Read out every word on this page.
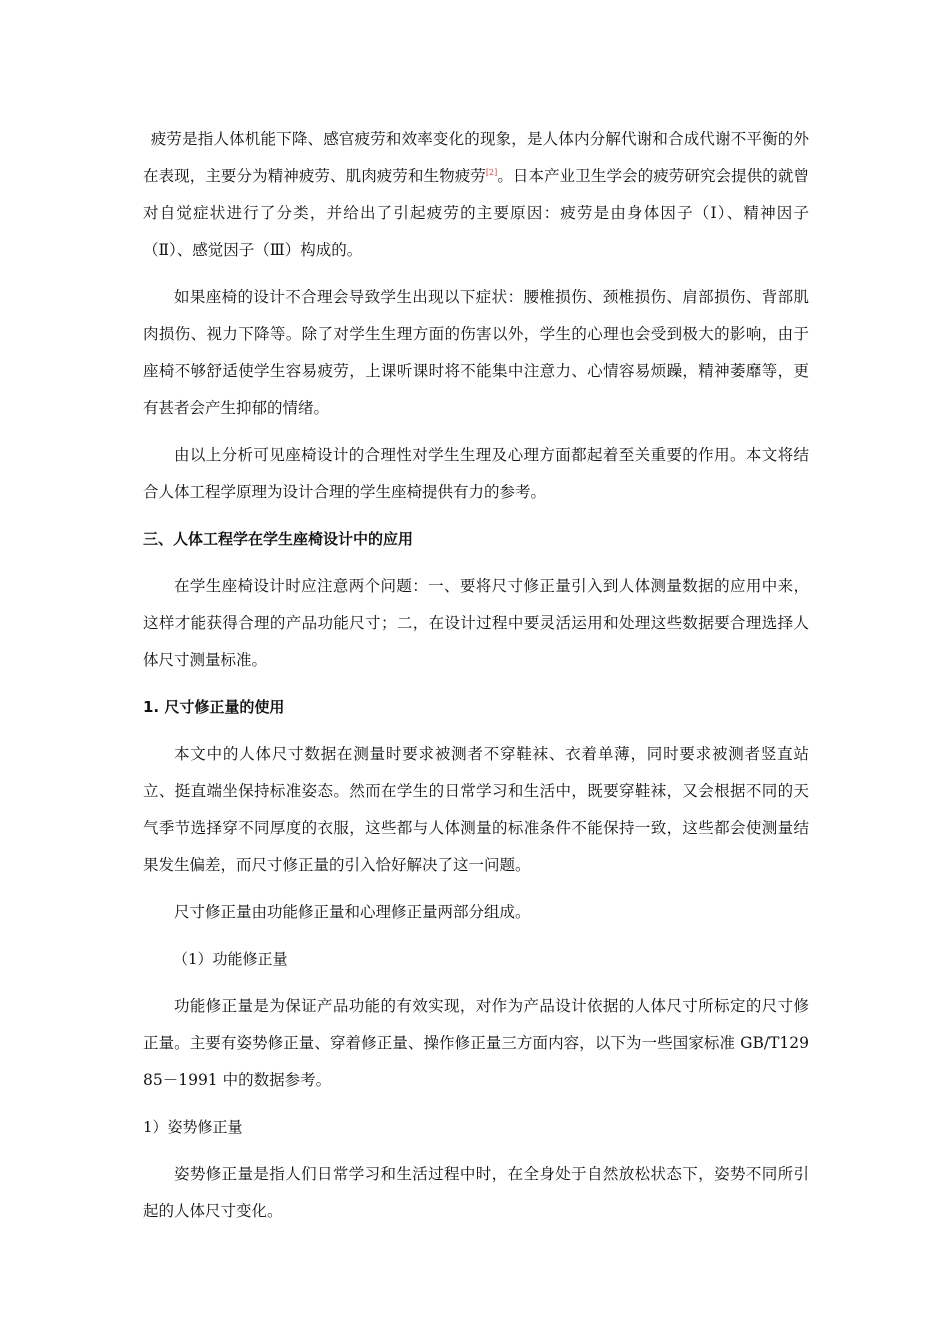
疲劳是指人体机能下降、感官疲劳和效率变化的现象，是人体内分解代谢和合成代谢不平衡的外在表现，主要分为精神疲劳、肌肉疲劳和生物疲劳[2]。日本产业卫生学会的疲劳研究会提供的就曾对自觉症状进行了分类，并给出了引起疲劳的主要原因：疲劳是由身体因子（Ⅰ）、精神因子（Ⅱ）、感觉因子（Ⅲ）构成的。

如果座椅的设计不合理会导致学生出现以下症状：腰椎损伤、颈椎损伤、肩部损伤、背部肌肉损伤、视力下降等。除了对学生生理方面的伤害以外，学生的心理也会受到极大的影响，由于座椅不够舒适使学生容易疲劳，上课听课时将不能集中注意力、心情容易烦躁，精神萎靡等，更有甚者会产生抑郁的情绪。

由以上分析可见座椅设计的合理性对学生生理及心理方面都起着至关重要的作用。本文将结合人体工程学原理为设计合理的学生座椅提供有力的参考。

三、人体工程学在学生座椅设计中的应用

在学生座椅设计时应注意两个问题：一、要将尺寸修正量引入到人体测量数据的应用中来，这样才能获得合理的产品功能尺寸；二，在设计过程中要灵活运用和处理这些数据要合理选择人体尺寸测量标准。

1. 尺寸修正量的使用

本文中的人体尺寸数据在测量时要求被测者不穿鞋袜、衣着单薄，同时要求被测者竖直站立、挺直端坐保持标准姿态。然而在学生的日常学习和生活中，既要穿鞋袜，又会根据不同的天气季节选择穿不同厚度的衣服，这些都与人体测量的标准条件不能保持一致，这些都会使测量结果发生偏差，而尺寸修正量的引入恰好解决了这一问题。

尺寸修正量由功能修正量和心理修正量两部分组成。

（1）功能修正量

功能修正量是为保证产品功能的有效实现，对作为产品设计依据的人体尺寸所标定的尺寸修正量。主要有姿势修正量、穿着修正量、操作修正量三方面内容，以下为一些国家标准 GB/T12985－1991 中的数据参考。

1）姿势修正量

姿势修正量是指人们日常学习和生活过程中时，在全身处于自然放松状态下，姿势不同所引起的人体尺寸变化。
